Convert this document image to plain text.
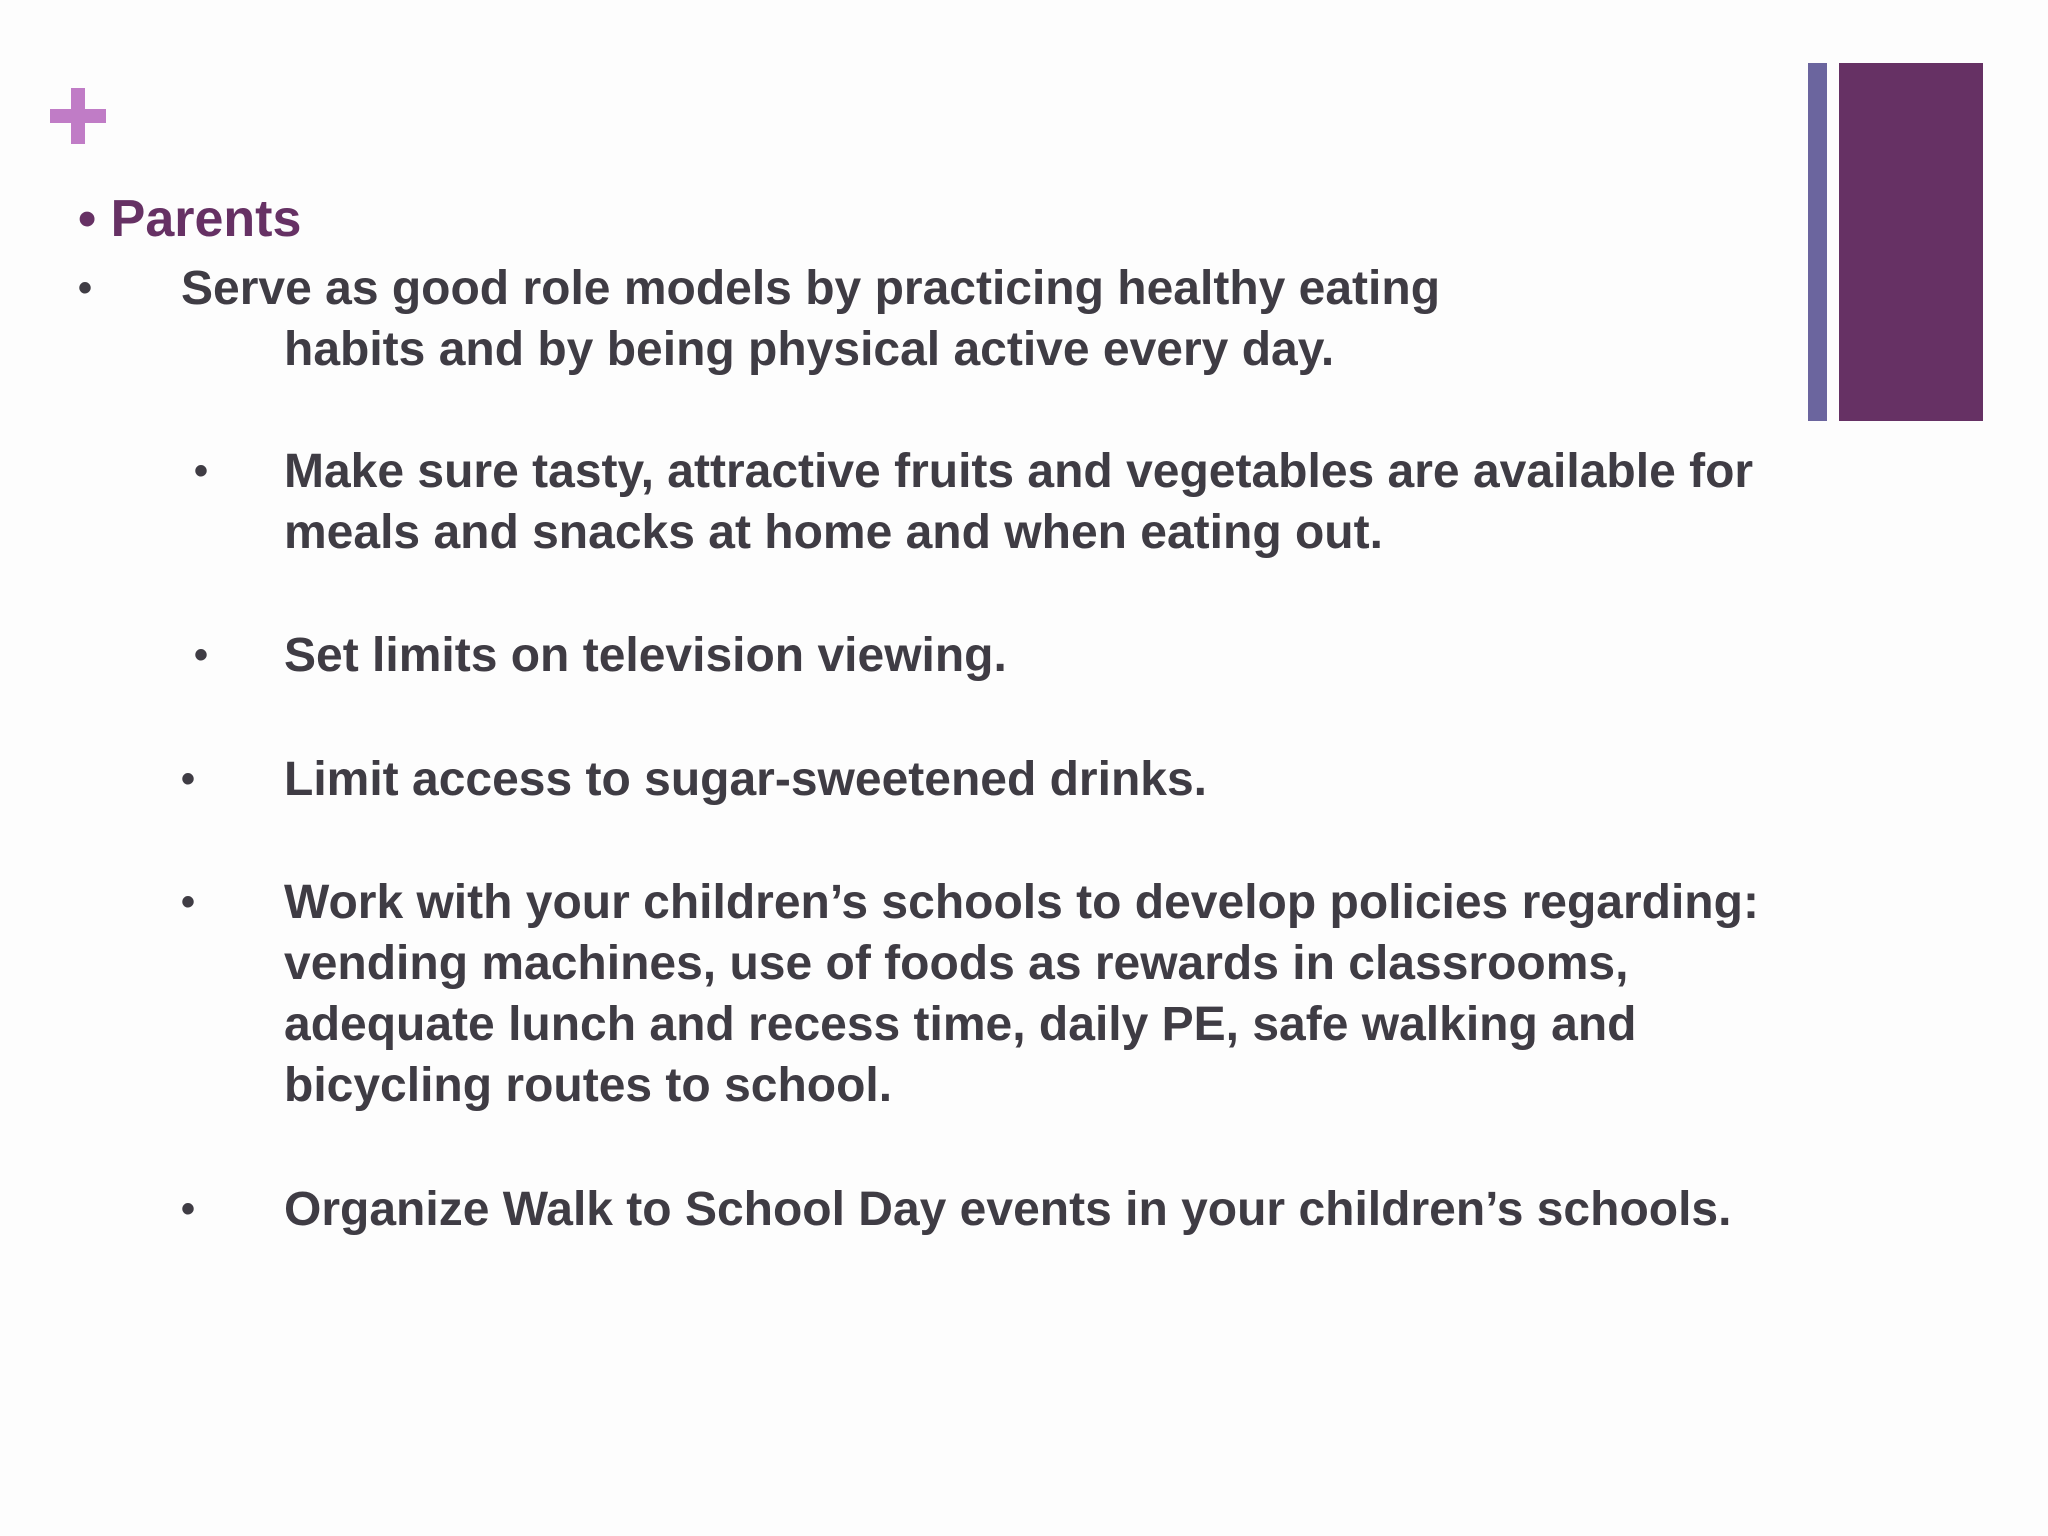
• Parents
• Serve as good role models by practicing healthy eating
habits and by being physical active every day.
• Make sure tasty, attractive fruits and vegetables are available for
meals and snacks at home and when eating out.
• Set limits on television viewing.
• Limit access to sugar-sweetened drinks.
• Work with your children’s schools to develop policies regarding:
vending machines, use of foods as rewards in classrooms,
adequate lunch and recess time, daily PE, safe walking and
bicycling routes to school.
• Organize Walk to School Day events in your children’s schools.
